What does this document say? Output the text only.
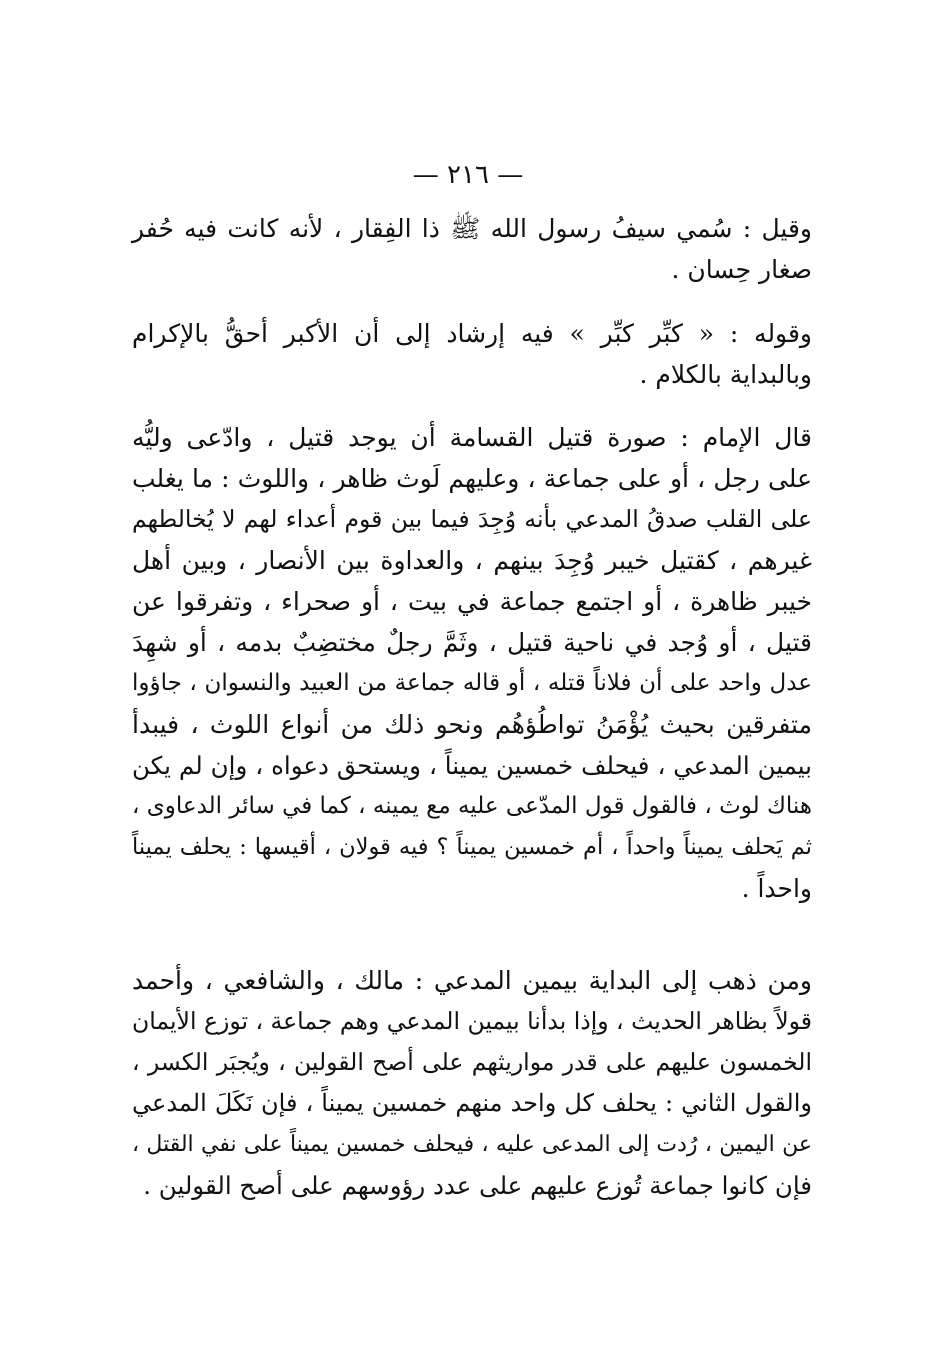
— ٢١٦ —
وقيل : سُمي سيفُ رسول الله ﷺ ذا الفِقار ، لأنه كانت فيه حُفر
صغار حِسان .
وقوله : « كبِّر كبِّر » فيه إرشاد إلى أن الأكبر أحقُّ بالإكرام
وبالبداية بالكلام .
قال الإمام : صورة قتيل القسامة أن يوجد قتيل ، وادّعى وليُّه
على رجل ، أو على جماعة ، وعليهم لَوث ظاهر ، واللوث : ما يغلب
على القلب صدقُ المدعي بأنه وُجِدَ فيما بين قوم أعداء لهم لا يُخالطهم
غيرهم ، كقتيل خيبر وُجِدَ بينهم ، والعداوة بين الأنصار ، وبين أهل
خيبر ظاهرة ، أو اجتمع جماعة في بيت ، أو صحراء ، وتفرقوا عن
قتيل ، أو وُجد في ناحية قتيل ، وثَمَّ رجلٌ مختضِبٌ بدمه ، أو شهِدَ
عدل واحد على أن فلاناً قتله ، أو قاله جماعة من العبيد والنسوان ، جاؤوا
متفرقين بحيث يُؤْمَنُ تواطُؤهُم ونحو ذلك من أنواع اللوث ، فيبدأ
بيمين المدعي ، فيحلف خمسين يميناً ، ويستحق دعواه ، وإن لم يكن
هناك لوث ، فالقول قول المدّعى عليه مع يمينه ، كما في سائر الدعاوى ،
ثم يَحلف يميناً واحداً ، أم خمسين يميناً ؟ فيه قولان ، أقيسها : يحلف يميناً
واحداً .
ومن ذهب إلى البداية بيمين المدعي : مالك ، والشافعي ، وأحمد
قولاً بظاهر الحديث ، وإذا بدأنا بيمين المدعي وهم جماعة ، توزع الأيمان
الخمسون عليهم على قدر مواريثهم على أصح القولين ، ويُجبَر الكسر ،
والقول الثاني : يحلف كل واحد منهم خمسين يميناً ، فإن نَكَلَ المدعي
عن اليمين ، رُدت إلى المدعى عليه ، فيحلف خمسين يميناً على نفي القتل ،
فإن كانوا جماعة تُوزع عليهم على عدد رؤوسهم على أصح القولين .
